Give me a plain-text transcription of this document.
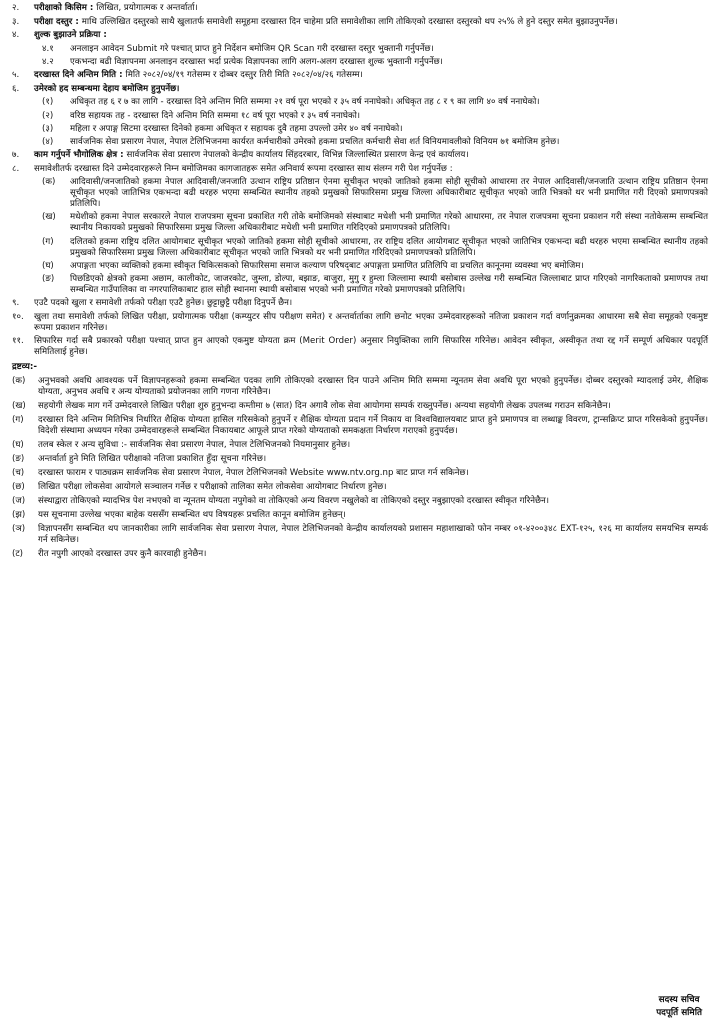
२.	परीक्षाको किसिम : लिखित, प्रयोगात्मक र अन्तर्वार्ता।
३.	परीक्षा दस्तुर : माथि उल्लिखित दस्तुरको साथै खुलातर्फ समावेशी समूहमा दरखास्त दिन चाहेमा प्रति समावेशीका लागि तोकिएको दरखास्त दस्तुरको थप २५% ले हुने दस्तुर समेत बुझाउनुपर्नेछ।
४.	शुल्क बुझाउने प्रक्रिया :
४.१	अनलाइन आवेदन Submit गरे पश्चात् प्राप्त हुने निर्देशन बमोजिम QR Scan गरी दरखास्त दस्तुर भुक्तानी गर्नुपर्नेछ।
४.२	एकभन्दा बढी विज्ञापनमा अनलाइन दरखास्त भर्दा प्रत्येक विज्ञापनका लागि अलग-अलग दरखास्त शुल्क भुक्तानी गर्नुपर्नेछ।
५.	दरखास्त दिने अन्तिम मिति : मिति २०८२/०४/१९ गतेसम्म र दोब्बर दस्तुर तिरी मिति २०८२/०४/२६ गतेसम्म।
६.	उमेरको हद सम्बन्धमा देहाय बमोजिम हुनुपर्नेछ।
(१)	अधिकृत तह ६ र ७ का लागि - दरखास्त दिने अन्तिम मिति सम्ममा २१ वर्ष पूरा भएको र ३५ वर्ष ननाघेको। अधिकृत तह ८ र ९ का लागि ४० वर्ष ननाघेको।
(२)	वरिष्ठ सहायक तह - दरखास्त दिने अन्तिम मिति सम्ममा १८ वर्ष पूरा भएको र ३५ वर्ष ननाघेको।
(३)	महिला र अपाङ्ग सिटमा दरखास्त दिनेको हकमा अधिकृत र सहायक दुवै तहमा उपल्लो उमेर ४० वर्ष ननाघेको।
(४)	सार्वजनिक सेवा प्रसारण नेपाल, नेपाल टेलिभिजनमा कार्यरत कर्मचारीको उमेरको हकमा प्रचलित कर्मचारी सेवा शर्त विनियमावलीको विनियम ७१ बमोजिम हुनेछ।
७.	काम गर्नुपर्ने भौगोलिक क्षेत्र : सार्वजनिक सेवा प्रसारण नेपालको केन्द्रीय कार्यालय सिंहदरबार, विभिन्न जिल्लास्थित प्रसारण केन्द्र एवं कार्यालय।
८.	समावेशीतर्फ दरखास्त दिने उम्मेदवारहरूले निम्न बमोजिमका कागजातहरू समेत अनिवार्य रूपमा दरखास्त साथ संलग्न गरी पेश गर्नुपर्नेछ :
(क)	आदिवासी/जनजातिको हकमा नेपाल आदिवासी/जनजाति उत्थान राष्ट्रिय प्रतिष्ठान ऐनमा सूचीकृत भएको जातिको हकमा सोही सूचीको आधारमा तर नेपाल आदिवासी/जनजाति उत्थान राष्ट्रिय प्रतिष्ठान ऐनमा सूचीकृत भएको जातिभित्र एकभन्दा बढी थरहरु भएमा सम्बन्धित स्थानीय तहको प्रमुखको सिफारिसमा प्रमुख जिल्ला अधिकारीबाट सूचीकृत भएको जाति भित्रको थर भनी प्रमाणित गरी दिएको प्रमाणपत्रको प्रतिलिपि।
(ख)	मधेशीको हकमा नेपाल सरकारले नेपाल राजपत्रमा सूचना प्रकाशित गरी तोके बमोजिमको संस्थाबाट मधेशी भनी प्रमाणित गरेको आधारमा, तर नेपाल राजपत्रमा सूचना प्रकाशन गरी संस्था नतोकेसम्म सम्बन्धित स्थानीय निकायको प्रमुखको सिफारिसमा प्रमुख जिल्ला अधिकारीबाट मधेशी भनी प्रमाणित गरिदिएको प्रमाणपत्रको प्रतिलिपि।
(ग)	दलितको हकमा राष्ट्रिय दलित आयोगबाट सूचीकृत भएको जातिको हकमा सोही सूचीको आधारमा, तर राष्ट्रिय दलित आयोगबाट सूचीकृत भएको जातिभित्र एकभन्दा बढी थरहरु भएमा सम्बन्धित स्थानीय तहको प्रमुखको सिफारिसमा प्रमुख जिल्ला अधिकारीबाट सूचीकृत भएको जाति भित्रको थर भनी प्रमाणित गरिदिएको प्रमाणपत्रको प्रतिलिपि।
(घ)	अपाङ्गता भएका व्यक्तिको हकमा स्वीकृत चिकित्सकको सिफारिसमा समाज कल्याण परिषद्‌बाट अपाङ्गता प्रमाणित प्रतिलिपि वा प्रचलित कानूनमा व्यवस्था भए बमोजिम।
(ङ)	पिछडिएको क्षेत्रको हकमा अछाम, कालीकोट, जाजरकोट, जुम्ला, डोल्पा, बझाङ, बाजुरा, मुगु र हुम्ला जिल्लामा स्थायी बसोबास उल्लेख गरी सम्बन्धित जिल्लाबाट प्राप्त गरिएको नागरिकताको प्रमाणपत्र तथा सम्बन्धित गाउँपालिका वा नगरपालिकाबाट हाल सोही स्थानमा स्थायी बसोबास भएको भनी प्रमाणित गरेको प्रमाणपत्रको प्रतिलिपि।
९.	एउटै पदको खुला र समावेशी तर्फको परीक्षा एउटै हुनेछ। छुट्टाछुट्टै परीक्षा दिनुपर्ने छैन।
१०.	खुला तथा समावेशी तर्फको लिखित परीक्षा, प्रयोगात्मक परीक्षा (कम्प्युटर सीप परीक्षण समेत) र अन्तर्वार्ताका लागि छनोट भएका उम्मेदवारहरूको नतिजा प्रकाशन गर्दा वर्णानुक्रमका आधारमा सबै सेवा समूहको एकमुष्ट रूपमा प्रकाशन गरिनेछ।
११.	सिफारिस गर्दा सबै प्रकारको परीक्षा पश्चात् प्राप्त हुन आएको एकमुष्ट योग्यता क्रम (Merit Order) अनुसार नियुक्तिका लागि सिफारिस गरिनेछ। आवेदन स्वीकृत, अस्वीकृत तथा रद्द गर्ने सम्पूर्ण अधिकार पदपूर्ति समितिलाई हुनेछ।
द्रष्टव्य:-
(क)	अनुभवको अवधि आवश्यक पर्ने विज्ञापनहरूको हकमा सम्बन्धित पदका लागि तोकिएको दरखास्त दिन पाउने अन्तिम मिति सम्ममा न्यूनतम सेवा अवधि पूरा भएको हुनुपर्नेछ। दोब्बर दस्तुरको म्यादलाई उमेर, शैक्षिक योग्यता, अनुभव अवधि र अन्य योग्यताको प्रयोजनका लागि गणना गरिनेछैन।
(ख)	सहयोगी लेखक माग गर्ने उम्मेदवारले लिखित परीक्षा शुरु हुनुभन्दा कम्तीमा ७ (सात) दिन अगावै लोक सेवा आयोगमा सम्पर्क राख्नुपर्नेछ। अन्यथा सहयोगी लेखक उपलब्ध गराउन सकिनेछैन।
(ग)	दरखास्त दिने अन्तिम मितिभित्र निर्धारित शैक्षिक योग्यता हासिल गरिसकेको हुनुपर्ने र शैक्षिक योग्यता प्रदान गर्ने निकाय वा विश्वविद्यालयबाट प्राप्त हुने प्रमाणपत्र वा लब्धाङ्क विवरण, ट्रान्सक्रिप्ट प्राप्त गरिसकेको हुनुपर्नेछ। विदेशी संस्थामा अध्ययन गरेका उम्मेदवारहरूले सम्बन्धित निकायबाट आफूले प्राप्त गरेको योग्यताको समकक्षता निर्धारण गराएको हुनुपर्दछ।
(घ)	तलब स्केल र अन्य सुविधा :- सार्वजनिक सेवा प्रसारण नेपाल, नेपाल टेलिभिजनको नियमानुसार हुनेछ।
(ङ)	अन्तर्वार्ता हुने मिति लिखित परीक्षाको नतिजा प्रकाशित हुँदा सूचना गरिनेछ।
(च)	दरखास्त फाराम र पाठ्यक्रम सार्वजनिक सेवा प्रसारण नेपाल, नेपाल टेलिभिजनको Website www.ntv.org.np बाट प्राप्त गर्न सकिनेछ।
(छ)	लिखित परीक्षा लोकसेवा आयोगले सञ्चालन गर्नेछ र परीक्षाको तालिका समेत लोकसेवा आयोगबाट निर्धारण हुनेछ।
(ज)	संस्थाद्वारा तोकिएको म्यादभित्र पेश नभएको वा न्यूनतम योग्यता नपुगेको वा तोकिएको अन्य विवरण नखुलेको वा तोकिएको दस्तुर नबुझाएको दरखास्त स्वीकृत गरिनेछैन।
(झ)	यस सूचनामा उल्लेख भएका बाहेक यससँग सम्बन्धित थप विषयहरू प्रचलित कानून बमोजिम हुनेछन्।
(ञ)	विज्ञापनसँग सम्बन्धित थप जानकारीका लागि सार्वजनिक सेवा प्रसारण नेपाल, नेपाल टेलिभिजनको केन्द्रीय कार्यालयको प्रशासन महाशाखाको फोन नम्बर ०१-४२००३४८ EXT-१२५, १२६ मा कार्यालय समयभित्र सम्पर्क गर्न सकिनेछ।
(ट)	रीत नपुगी आएको दरखास्त उपर कुनै कारवाही हुनेछैन।
सदस्य सचिव
पदपूर्ति समिति
